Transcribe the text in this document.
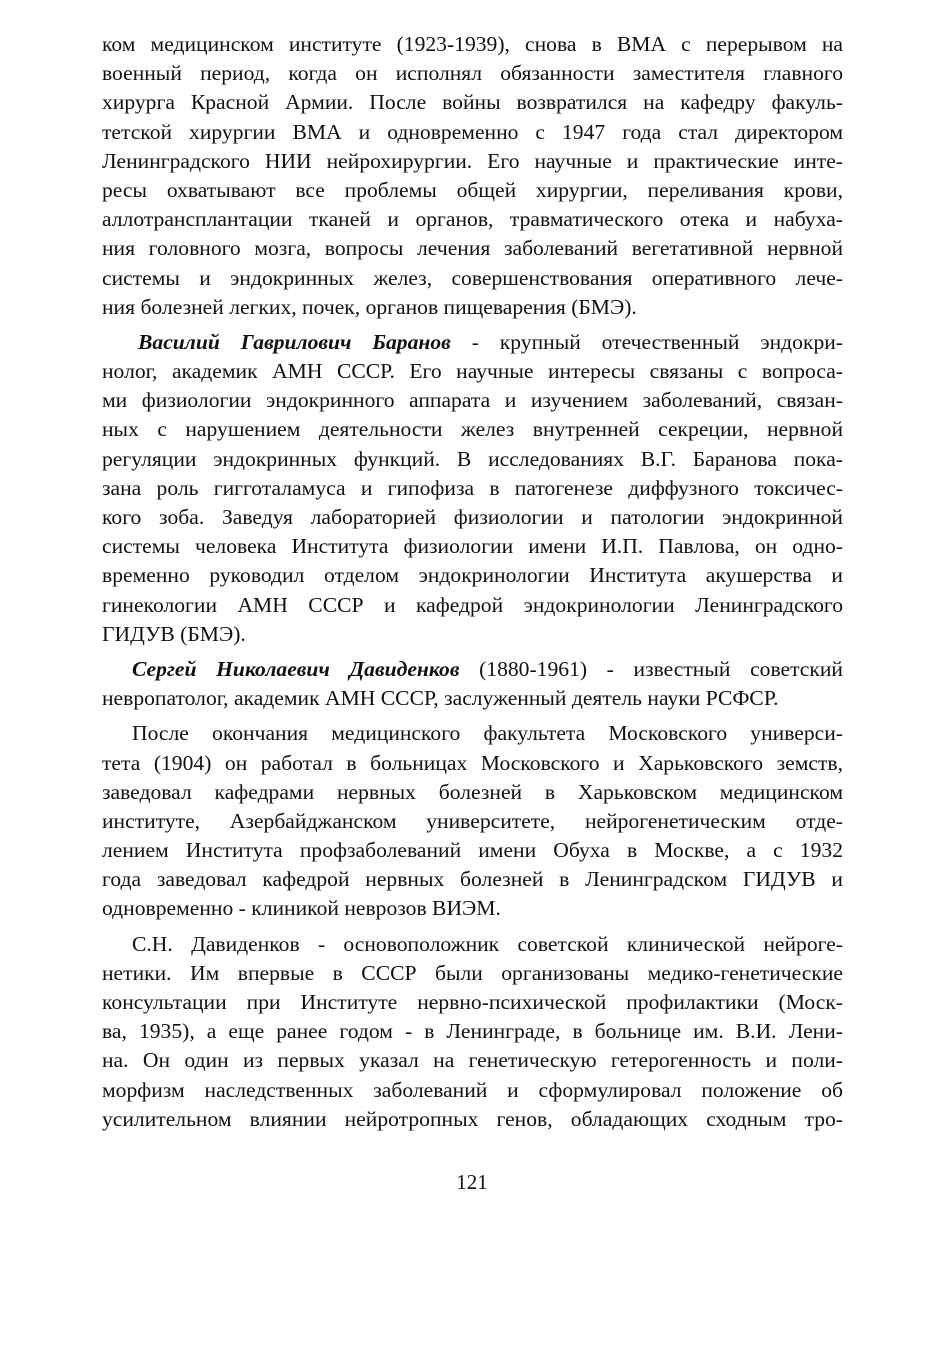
ком медицинском институте (1923-1939), снова в ВМА с перерывом на
военный период, когда он исполнял обязанности заместителя главного
хирурга Красной Армии. После войны возвратился на кафедру факуль-
тетской хирургии ВМА и одновременно с 1947 года стал директором
Ленинградского НИИ нейрохирургии. Его научные и практические инте-
ресы охватывают все проблемы общей хирургии, переливания крови,
аллотрансплантации тканей и органов, травматического отека и набуха-
ния головного мозга, вопросы лечения заболеваний вегетативной нервной
системы и эндокринных желез, совершенствования оперативного лече-
ния болезней легких, почек, органов пищеварения (БМЭ).
Василий Гаврилович Баранов - крупный отечественный эндокри-
нолог, академик АМН СССР. Его научные интересы связаны с вопроса-
ми физиологии эндокринного аппарата и изучением заболеваний, связан-
ных с нарушением деятельности желез внутренней секреции, нервной
регуляции эндокринных функций. В исследованиях В.Г. Баранова пока-
зана роль гигготаламуса и гипофиза в патогенезе диффузного токсичес-
кого зоба. Заведуя лабораторией физиологии и патологии эндокринной
системы человека Института физиологии имени И.П. Павлова, он одно-
временно руководил отделом эндокринологии Института акушерства и
гинекологии АМН СССР и кафедрой эндокринологии Ленинградского
ГИДУВ (БМЭ).
Сергей Николаевич Давиденков (1880-1961) - известный советский
невропатолог, академик АМН СССР, заслуженный деятель науки РСФСР.
После окончания медицинского факультета Московского универси-
тета (1904) он работал в больницах Московского и Харьковского земств,
заведовал кафедрами нервных болезней в Харьковском медицинском
институте, Азербайджанском университете, нейрогенетическим отде-
лением Института профзаболеваний имени Обуха в Москве, а с 1932
года заведовал кафедрой нервных болезней в Ленинградском ГИДУВ и
одновременно - клиникой неврозов ВИЭМ.
С.Н. Давиденков - основоположник советской клинической нейроге-
нетики. Им впервые в СССР были организованы медико-генетические
консультации при Институте нервно-психической профилактики (Моск-
ва, 1935), а еще ранее годом - в Ленинграде, в больнице им. В.И. Лени-
на. Он один из первых указал на генетическую гетерогенность и поли-
морфизм наследственных заболеваний и сформулировал положение об
усилительном влиянии нейротропных генов, обладающих сходным тро-
121
